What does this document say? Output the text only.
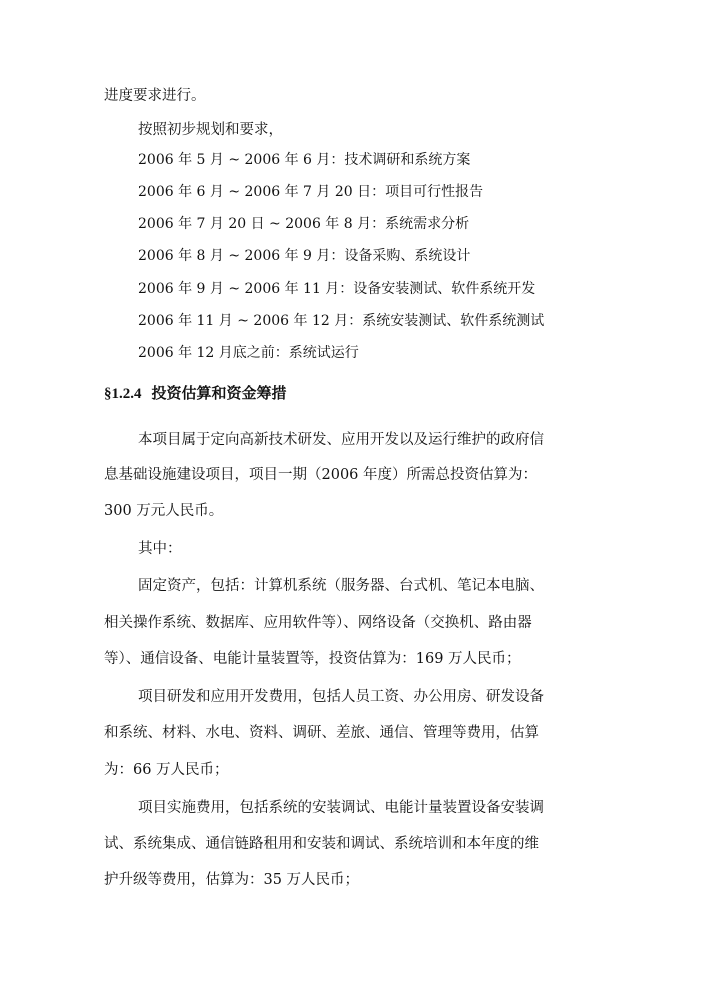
进度要求进行。
按照初步规划和要求，
2006 年 5 月 ~ 2006 年 6 月：技术调研和系统方案
2006 年 6 月 ~ 2006 年 7 月 20 日：项目可行性报告
2006 年 7 月 20 日 ~ 2006 年 8 月：系统需求分析
2006 年 8 月 ~ 2006 年 9 月：设备采购、系统设计
2006 年 9 月 ~ 2006 年 11 月：设备安装测试、软件系统开发
2006 年 11 月 ~ 2006 年 12 月：系统安装测试、软件系统测试
2006 年 12 月底之前：系统试运行
§1.2.4 投资估算和资金筹措
本项目属于定向高新技术研发、应用开发以及运行维护的政府信
息基础设施建设项目，项目一期（2006 年度）所需总投资估算为：
300 万元人民币。
其中：
固定资产，包括：计算机系统（服务器、台式机、笔记本电脑、
相关操作系统、数据库、应用软件等）、网络设备（交换机、路由器
等）、通信设备、电能计量装置等，投资估算为：169 万人民币；
项目研发和应用开发费用，包括人员工资、办公用房、研发设备
和系统、材料、水电、资料、调研、差旅、通信、管理等费用，估算
为：66 万人民币；
项目实施费用，包括系统的安装调试、电能计量装置设备安装调
试、系统集成、通信链路租用和安装和调试、系统培训和本年度的维
护升级等费用，估算为：35 万人民币；
